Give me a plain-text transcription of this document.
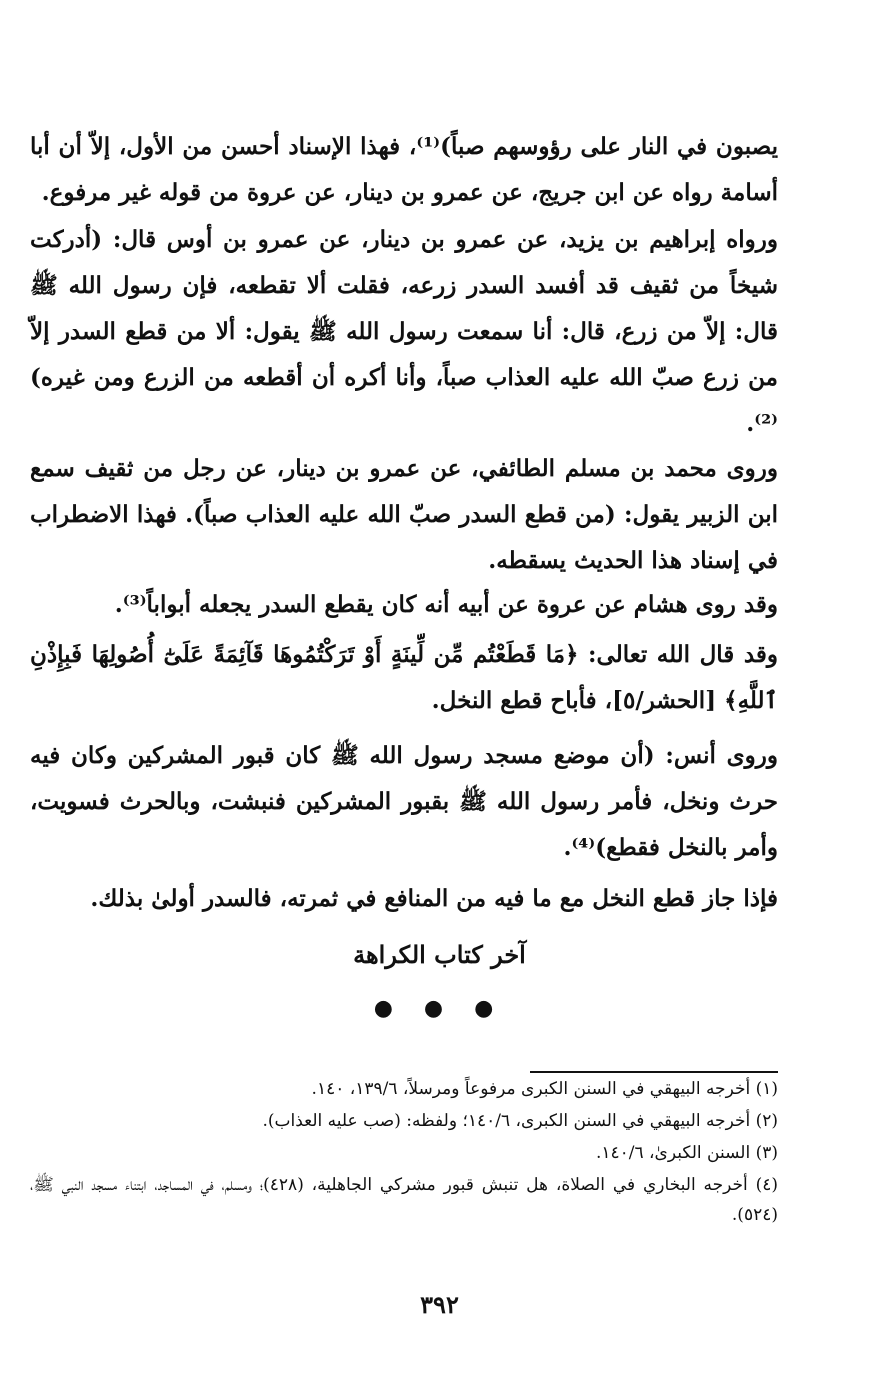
يصبون في النار على رؤوسهم صباً)⁽¹⁾، فهذا الإسناد أحسن من الأول، إلاّ أن أبا أسامة رواه عن ابن جريج، عن عمرو بن دينار، عن عروة من قوله غير مرفوع.
ورواه إبراهيم بن يزيد، عن عمرو بن دينار، عن عمرو بن أوس قال: (أدركت شيخاً من ثقيف قد أفسد السدر زرعه، فقلت ألا تقطعه، فإن رسول الله ﷺ قال: إلاّ من زرع، قال: أنا سمعت رسول الله ﷺ يقول: ألا من قطع السدر إلاّ من زرع صبّ الله عليه العذاب صباً، وأنا أكره أن أقطعه من الزرع ومن غيره)⁽²⁾.
وروى محمد بن مسلم الطائفي، عن عمرو بن دينار، عن رجل من ثقيف سمع ابن الزبير يقول: (من قطع السدر صبّ الله عليه العذاب صباً). فهذا الاضطراب في إسناد هذا الحديث يسقطه.
وقد روى هشام عن عروة عن أبيه أنه كان يقطع السدر يجعله أبواباً⁽³⁾.
وقد قال الله تعالى: ﴿مَا قَطَعْتُم مِّن لِّينَةٍ أَوْ تَرَكْتُمُوهَا قَآئِمَةً عَلَىٰٓ أُصُولِهَا فَبِإِذْنِ ٱللَّهِ﴾ [الحشر/٥]، فأباح قطع النخل.
وروى أنس: (أن موضع مسجد رسول الله ﷺ كان قبور المشركين وكان فيه حرث ونخل، فأمر رسول الله ﷺ بقبور المشركين فنبشت، وبالحرث فسويت، وأمر بالنخل فقطع)⁽⁴⁾.
فإذا جاز قطع النخل مع ما فيه من المنافع في ثمرته، فالسدر أولىٰ بذلك.
آخر كتاب الكراهة
● ● ●
(١) أخرجه البيهقي في السنن الكبرى مرفوعاً ومرسلاً، ١٣٩/٦، ١٤٠.
(٢) أخرجه البيهقي في السنن الكبرى، ١٤٠/٦؛ ولفظه: (صب عليه العذاب).
(٣) السنن الكبرىٰ، ١٤٠/٦.
(٤) أخرجه البخاري في الصلاة، هل تنبش قبور مشركي الجاهلية، (٤٢٨)؛ ومسلم، في المساجد، ابتناء مسجد النبي ﷺ، (٥٢٤).
٣٩٢
